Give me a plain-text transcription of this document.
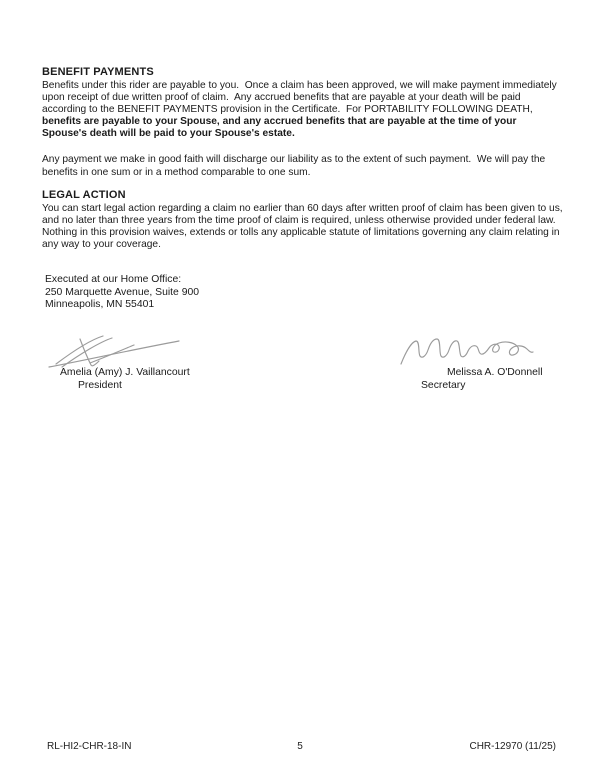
BENEFIT PAYMENTS

Benefits under this rider are payable to you.  Once a claim has been approved, we will make payment immediately upon receipt of due written proof of claim.  Any accrued benefits that are payable at your death will be paid according to the BENEFIT PAYMENTS provision in the Certificate.  For PORTABILITY FOLLOWING DEATH, benefits are payable to your Spouse, and any accrued benefits that are payable at the time of your Spouse's death will be paid to your Spouse's estate.

Any payment we make in good faith will discharge our liability as to the extent of such payment.  We will pay the benefits in one sum or in a method comparable to one sum.

LEGAL ACTION

You can start legal action regarding a claim no earlier than 60 days after written proof of claim has been given to us, and no later than three years from the time proof of claim is required, unless otherwise provided under federal law.  Nothing in this provision waives, extends or tolls any applicable statute of limitations governing any claim relating in any way to your coverage.

Executed at our Home Office:
250 Marquette Avenue, Suite 900
Minneapolis, MN 55401
Amelia (Amy) J. Vaillancourt
President
Melissa A. O'Donnell
Secretary
RL-HI2-CHR-18-IN	5	CHR-12970 (11/25)
